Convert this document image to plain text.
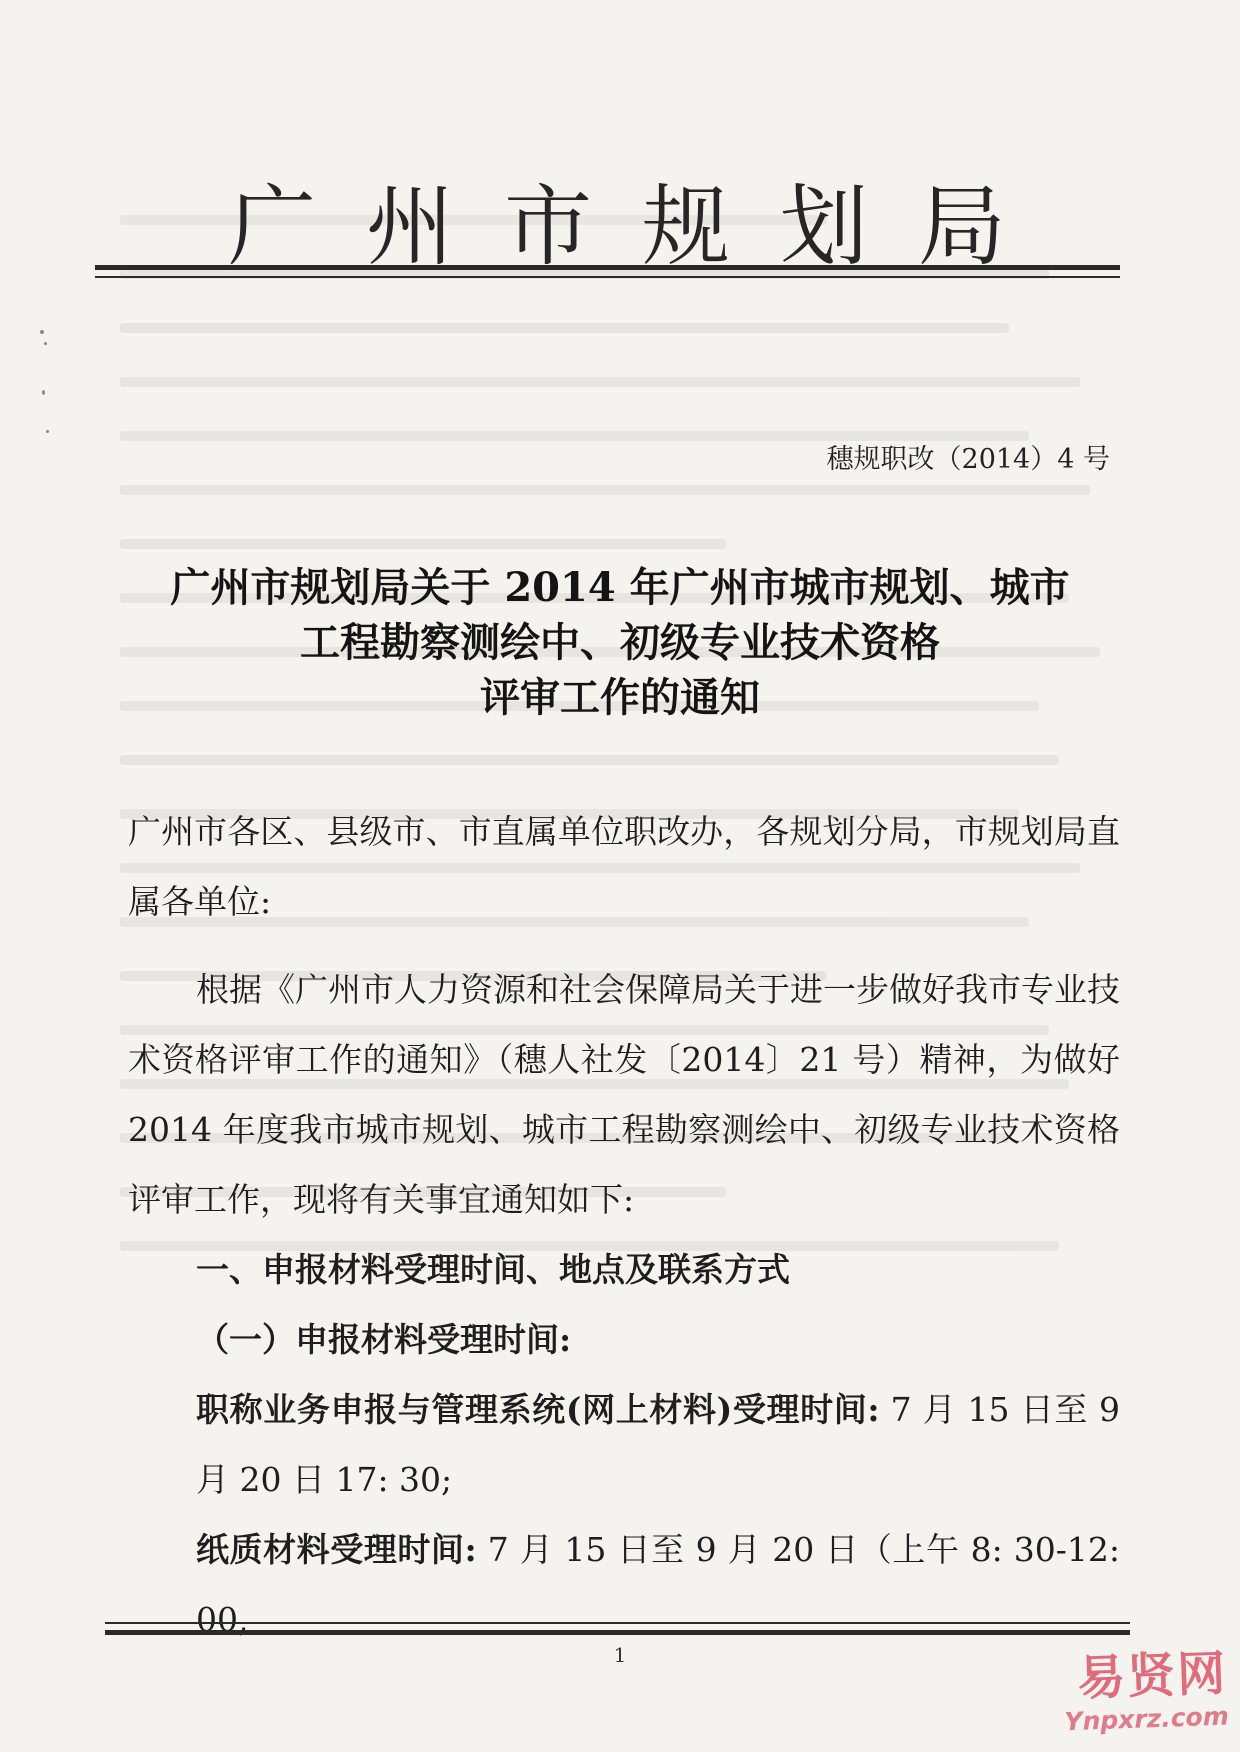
广 州 市 规 划 局
穗规职改（2014）4 号
广州市规划局关于 2014 年广州市城市规划、城市
工程勘察测绘中、初级专业技术资格
评审工作的通知

广州市各区、县级市、市直属单位职改办，各规划分局，市规划局直属各单位:

根据《广州市人力资源和社会保障局关于进一步做好我市专业技术资格评审工作的通知》（穗人社发〔2014〕21 号）精神，为做好 2014 年度我市城市规划、城市工程勘察测绘中、初级专业技术资格评审工作，现将有关事宜通知如下:

一、申报材料受理时间、地点及联系方式

（一）申报材料受理时间:

职称业务申报与管理系统(网上材料)受理时间: 7 月 15 日至 9 月 20 日 17: 30;

纸质材料受理时间: 7 月 15 日至 9 月 20 日（上午 8: 30-12: 00,

1	易贤网
Ynpxrz.com
